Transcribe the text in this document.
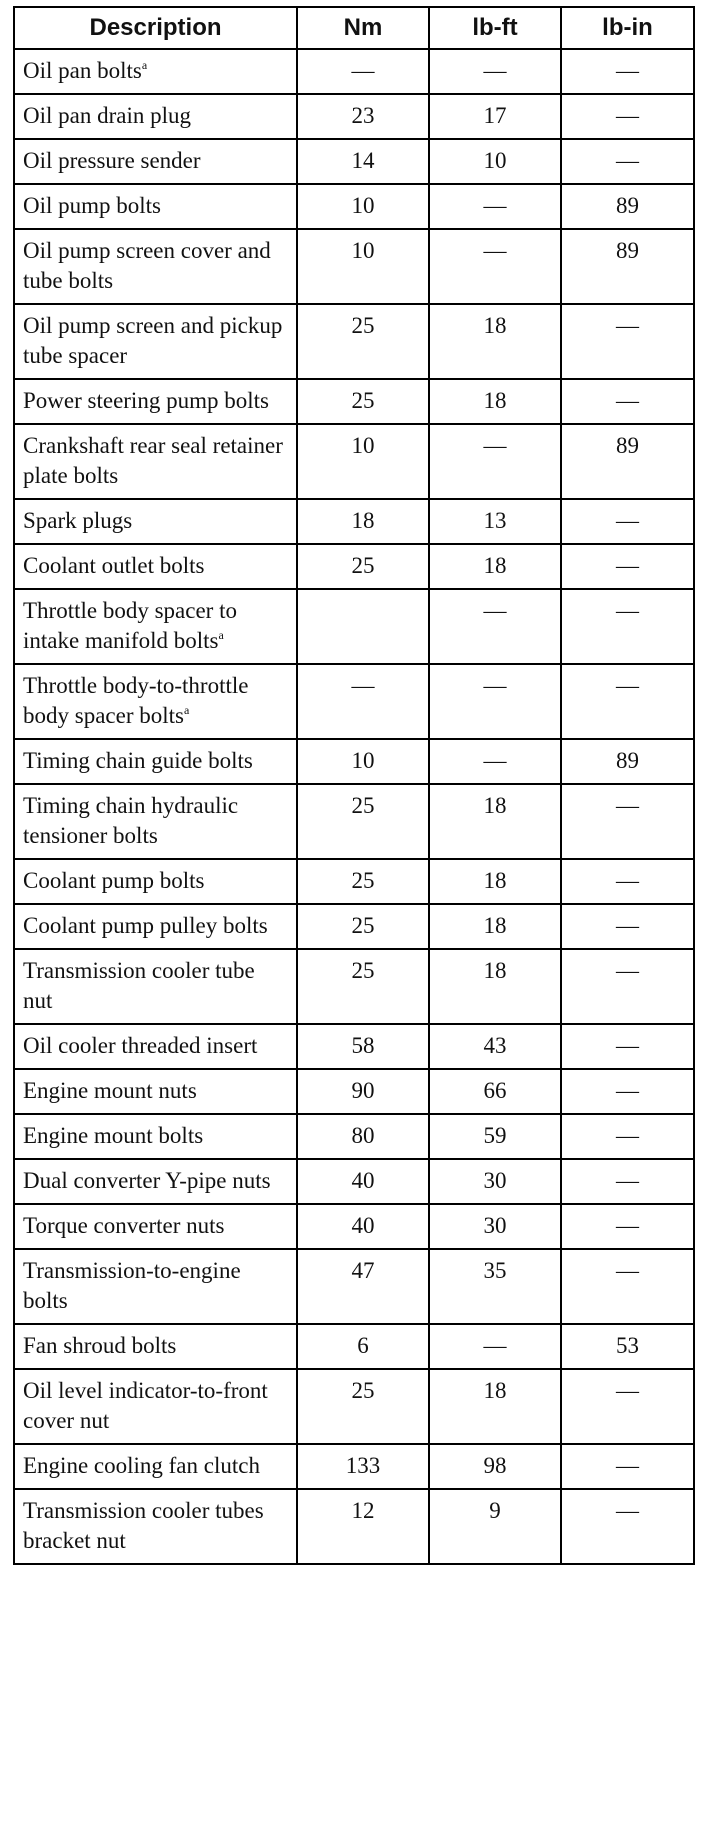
Description	Nm	lb-ft	lb-in
Oil pan bolts$^a$	—	—	—
Oil pan drain plug	23	17	—
Oil pressure sender	14	10	—
Oil pump bolts	10	—	89
Oil pump screen cover and tube bolts	10	—	89
Oil pump screen and pickup tube spacer	25	18	—
Power steering pump bolts	25	18	—
Crankshaft rear seal retainer plate bolts	10	—	89
Spark plugs	18	13	—
Coolant outlet bolts	25	18	—
Throttle body spacer to intake manifold bolts$^a$		—	—
Throttle body-to-throttle body spacer bolts$^a$	—	—	—
Timing chain guide bolts	10	—	89
Timing chain hydraulic tensioner bolts	25	18	—
Coolant pump bolts	25	18	—
Coolant pump pulley bolts	25	18	—
Transmission cooler tube nut	25	18	—
Oil cooler threaded insert	58	43	—
Engine mount nuts	90	66	—
Engine mount bolts	80	59	—
Dual converter Y-pipe nuts	40	30	—
Torque converter nuts	40	30	—
Transmission-to-engine bolts	47	35	—
Fan shroud bolts	6	—	53
Oil level indicator-to-front cover nut	25	18	—
Engine cooling fan clutch	133	98	—
Transmission cooler tubes bracket nut	12	9	—
